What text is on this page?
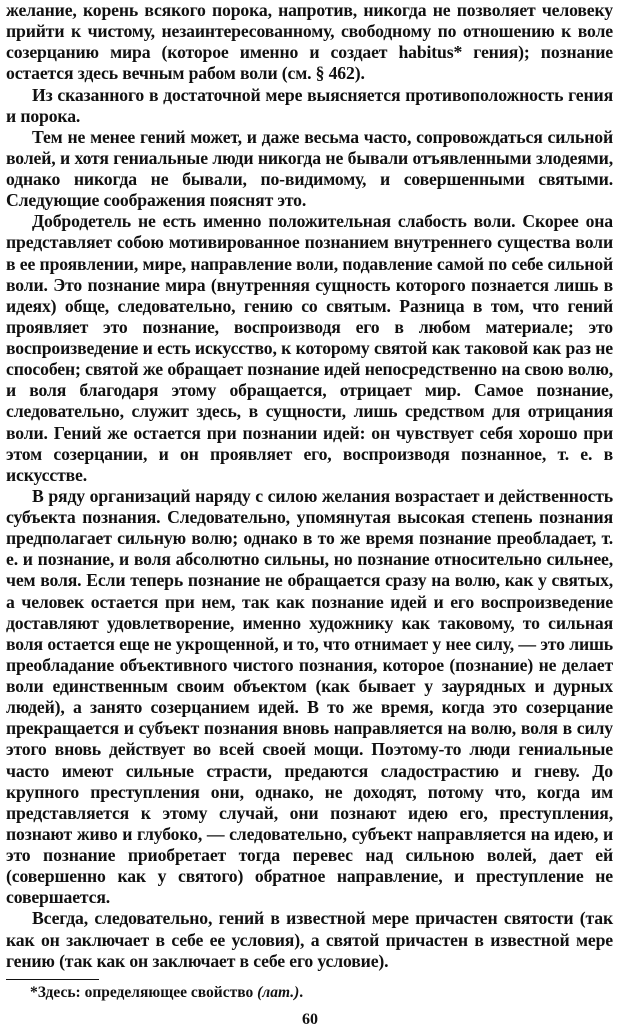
желание, корень всякого порока, напротив, никогда не позволяет человеку прийти к чистому, незаинтересованному, свободному по отношению к воле созерцанию мира (которое именно и создает habitus* гения); познание остается здесь вечным рабом воли (см. § 462).

Из сказанного в достаточной мере выясняется противоположность гения и порока.

Тем не менее гений может, и даже весьма часто, сопровождаться сильной волей, и хотя гениальные люди никогда не бывали отъявленными злодеями, однако никогда не бывали, по-видимому, и совершенными святыми. Следующие соображения пояснят это.

Добродетель не есть именно положительная слабость воли. Скорее она представляет собою мотивированное познанием внутреннего существа воли в ее проявлении, мире, направление воли, подавление самой по себе сильной воли. Это познание мира (внутренняя сущность которого познается лишь в идеях) обще, следовательно, гению со святым. Разница в том, что гений проявляет это познание, воспроизводя его в любом материале; это воспроизведение и есть искусство, к которому святой как таковой как раз не способен; святой же обращает познание идей непосредственно на свою волю, и воля благодаря этому обращается, отрицает мир. Самое познание, следовательно, служит здесь, в сущности, лишь средством для отрицания воли. Гений же остается при познании идей: он чувствует себя хорошо при этом созерцании, и он проявляет его, воспроизводя познанное, т. е. в искусстве.

В ряду организаций наряду с силою желания возрастает и действенность субъекта познания. Следовательно, упомянутая высокая степень познания предполагает сильную волю; однако в то же время познание преобладает, т. е. и познание, и воля абсолютно сильны, но познание относительно сильнее, чем воля. Если теперь познание не обращается сразу на волю, как у святых, а человек остается при нем, так как познание идей и его воспроизведение доставляют удовлетворение, именно художнику как таковому, то сильная воля остается еще не укрощенной, и то, что отнимает у нее силу, — это лишь преобладание объективного чистого познания, которое (познание) не делает воли единственным своим объектом (как бывает у заурядных и дурных людей), а занято созерцанием идей. В то же время, когда это созерцание прекращается и субъект познания вновь направляется на волю, воля в силу этого вновь действует во всей своей мощи. Поэтому-то люди гениальные часто имеют сильные страсти, предаются сладострастию и гневу. До крупного преступления они, однако, не доходят, потому что, когда им представляется к этому случай, они познают идею его, преступления, познают живо и глубоко, — следовательно, субъект направляется на идею, и это познание приобретает тогда перевес над сильною волей, дает ей (совершенно как у святого) обратное направление, и преступление не совершается.

Всегда, следовательно, гений в известной мере причастен святости (так как он заключает в себе ее условия), а святой причастен в известной мере гению (так как он заключает в себе его условие).

*Здесь: определяющее свойство (лат.).
60
